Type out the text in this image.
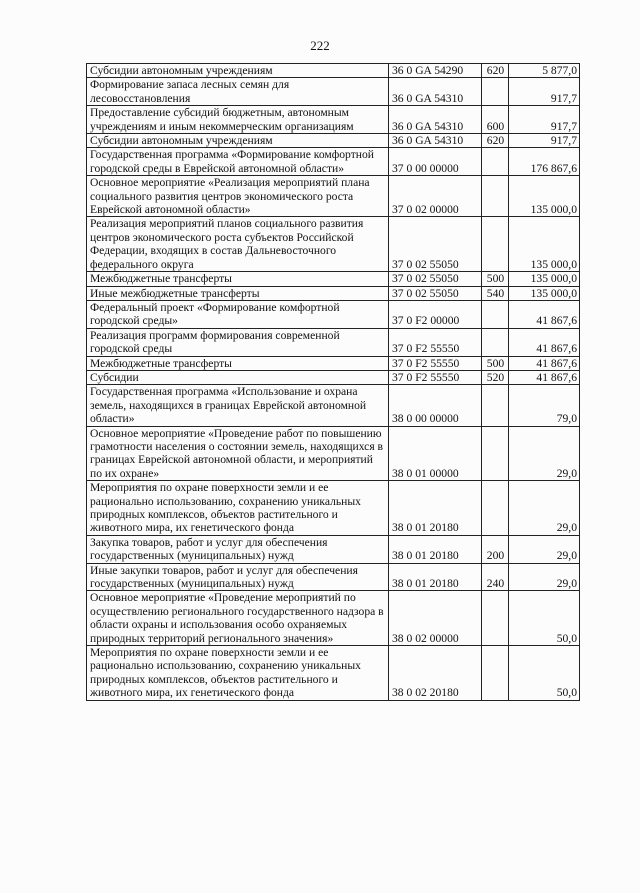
222
Субсидии автономным учреждениям	36 0 GA 54290	620	5 877,0

Формирование запаса лесных семян для лесовосстановления	36 0 GA 54310		917,7

Предоставление субсидий бюджетным, автономным учреждениям и иным некоммерческим организациям	36 0 GA 54310	600	917,7

Субсидии автономным учреждениям	36 0 GA 54310	620	917,7

Государственная программа «Формирование комфортной городской среды в Еврейской автономной области»	37 0 00 00000		176 867,6

Основное мероприятие «Реализация мероприятий плана социального развития центров экономического роста Еврейской автономной области»	37 0 02 00000		135 000,0

Реализация мероприятий планов социального развития центров экономического роста субъектов Российской Федерации, входящих в состав Дальневосточного федерального округа	37 0 02 55050		135 000,0

Межбюджетные трансферты	37 0 02 55050	500	135 000,0

Иные межбюджетные трансферты	37 0 02 55050	540	135 000,0

Федеральный проект «Формирование комфортной городской среды»	37 0 F2 00000		41 867,6

Реализация программ формирования современной городской среды	37 0 F2 55550		41 867,6

Межбюджетные трансферты	37 0 F2 55550	500	41 867,6

Субсидии	37 0 F2 55550	520	41 867,6

Государственная программа «Использование и охрана земель, находящихся в границах Еврейской автономной области»	38 0 00 00000		79,0

Основное мероприятие «Проведение работ по повышению грамотности населения о состоянии земель, находящихся в границах Еврейской автономной области, и мероприятий по их охране»	38 0 01 00000		29,0

Мероприятия по охране поверхности земли и ее рационально использованию, сохранению уникальных природных комплексов, объектов растительного и животного мира, их генетического фонда	38 0 01 20180		29,0

Закупка товаров, работ и услуг для обеспечения государственных (муниципальных) нужд	38 0 01 20180	200	29,0

Иные закупки товаров, работ и услуг для обеспечения государственных (муниципальных) нужд	38 0 01 20180	240	29,0

Основное мероприятие «Проведение мероприятий по осуществлению регионального государственного надзора в области охраны и использования особо охраняемых природных территорий регионального значения»	38 0 02 00000		50,0

Мероприятия по охране поверхности земли и ее рационально использованию, сохранению уникальных природных комплексов, объектов растительного и животного мира, их генетического фонда	38 0 02 20180		50,0
